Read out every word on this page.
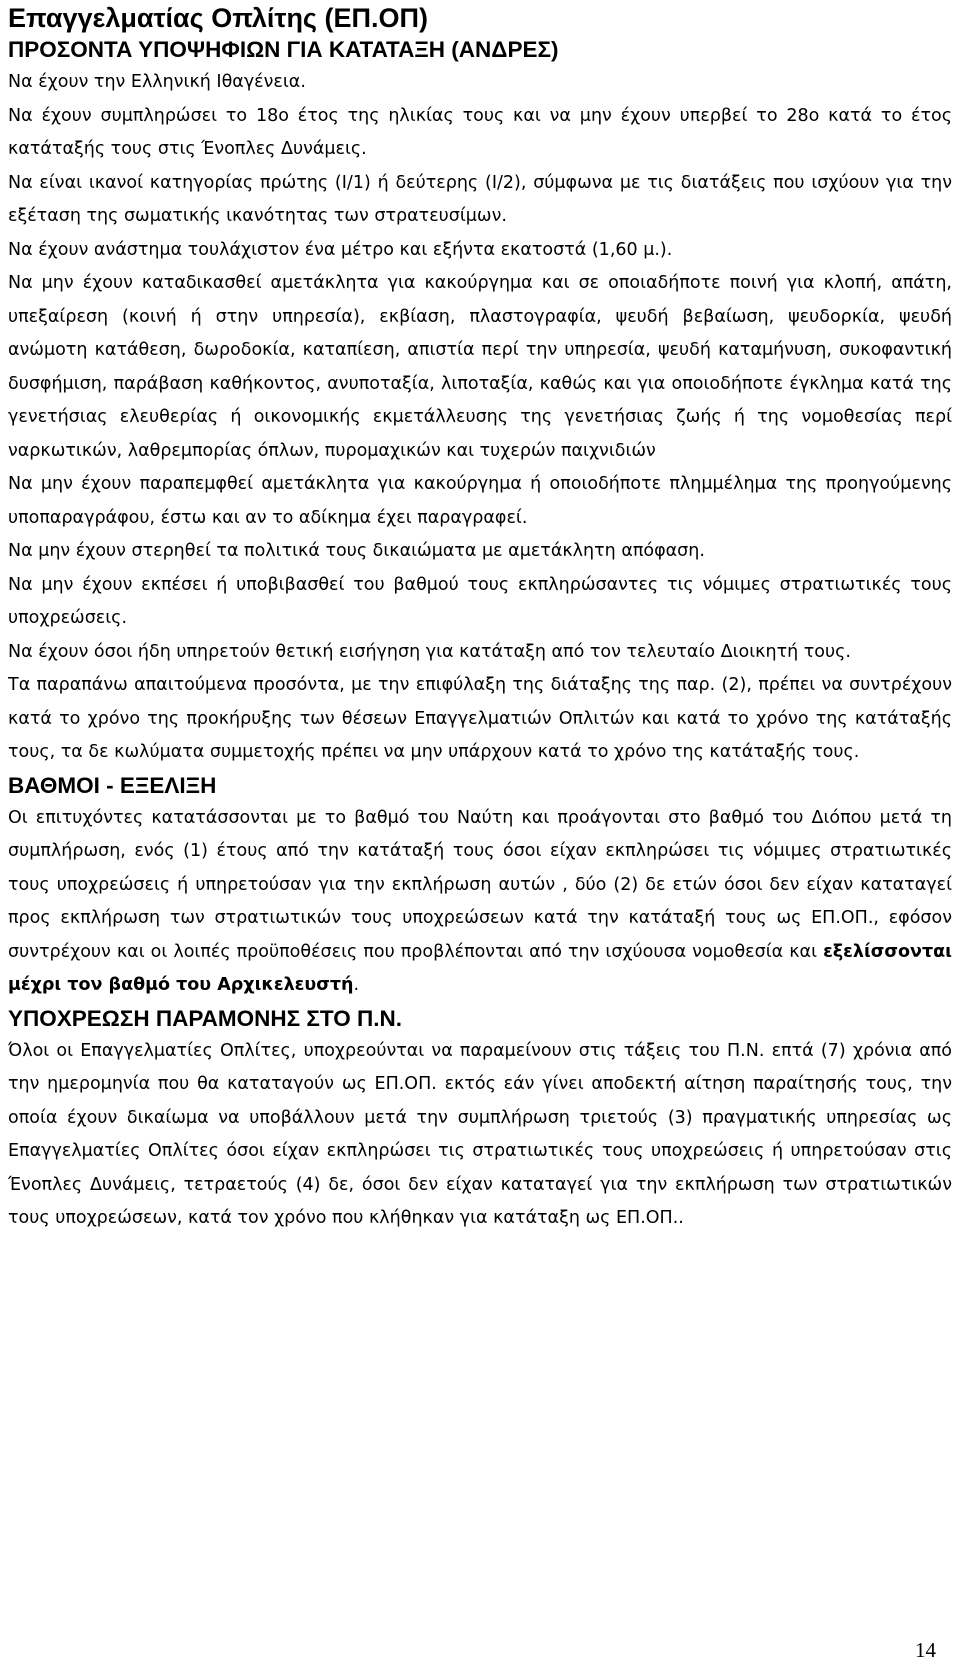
Επαγγελματίας Οπλίτης (ΕΠ.ΟΠ)
ΠΡΟΣΟΝΤΑ ΥΠΟΨΗΦΙΩΝ ΓΙΑ ΚΑΤΑΤΑΞΗ (ΑΝΔΡΕΣ)

Να έχουν την Ελληνική Ιθαγένεια.

Να έχουν συμπληρώσει το 18ο έτος της ηλικίας τους και να μην έχουν υπερβεί το 28ο κατά το έτος κατάταξής τους στις Ένοπλες Δυνάμεις.

Να είναι ικανοί κατηγορίας πρώτης (Ι/1) ή δεύτερης (Ι/2), σύμφωνα με τις διατάξεις που ισχύουν για την εξέταση της σωματικής ικανότητας των στρατευσίμων.

Να έχουν ανάστημα τουλάχιστον ένα μέτρο και εξήντα εκατοστά (1,60 μ.).

Να μην έχουν καταδικασθεί αμετάκλητα για κακούργημα και σε οποιαδήποτε ποινή για κλοπή, απάτη, υπεξαίρεση (κοινή ή στην υπηρεσία), εκβίαση, πλαστογραφία, ψευδή βεβαίωση, ψευδορκία, ψευδή ανώμοτη κατάθεση, δωροδοκία, καταπίεση, απιστία περί την υπηρεσία, ψευδή καταμήνυση, συκοφαντική δυσφήμιση, παράβαση καθήκοντος, ανυποταξία, λιποταξία, καθώς και για οποιοδήποτε έγκλημα κατά της γενετήσιας ελευθερίας ή οικονομικής εκμετάλλευσης της γενετήσιας ζωής ή της νομοθεσίας περί ναρκωτικών, λαθρεμπορίας όπλων, πυρομαχικών και τυχερών παιχνιδιών

Να μην έχουν παραπεμφθεί αμετάκλητα για κακούργημα ή οποιοδήποτε πλημμέλημα της προηγούμενης υποπαραγράφου, έστω και αν το αδίκημα έχει παραγραφεί.

Να μην έχουν στερηθεί τα πολιτικά τους δικαιώματα με αμετάκλητη απόφαση.

Να μην έχουν εκπέσει ή υποβιβασθεί του βαθμού τους εκπληρώσαντες τις νόμιμες στρατιωτικές τους υποχρεώσεις.

Να έχουν όσοι ήδη υπηρετούν θετική εισήγηση για κατάταξη από τον τελευταίο Διοικητή τους.

Τα παραπάνω απαιτούμενα προσόντα, με την επιφύλαξη της διάταξης της παρ. (2), πρέπει να συντρέχουν κατά το χρόνο της προκήρυξης των θέσεων Επαγγελματιών Οπλιτών και κατά το χρόνο της κατάταξής τους, τα δε κωλύματα συμμετοχής πρέπει να μην υπάρχουν κατά το χρόνο της κατάταξής τους.

ΒΑΘΜΟΙ - ΕΞΕΛΙΞΗ

Οι επιτυχόντες κατατάσσονται με το βαθμό του Ναύτη και προάγονται στο βαθμό του Διόπου μετά τη συμπλήρωση, ενός (1) έτους από την κατάταξή τους όσοι είχαν εκπληρώσει τις νόμιμες στρατιωτικές τους υποχρεώσεις ή υπηρετούσαν για την εκπλήρωση αυτών , δύο (2) δε ετών όσοι δεν είχαν καταταγεί προς εκπλήρωση των στρατιωτικών τους υποχρεώσεων κατά την κατάταξή τους ως ΕΠ.ΟΠ., εφόσον συντρέχουν και οι λοιπές προϋποθέσεις που προβλέπονται από την ισχύουσα νομοθεσία και εξελίσσονται μέχρι τον βαθμό του Αρχικελευστή.

ΥΠΟΧΡΕΩΣΗ ΠΑΡΑΜΟΝΗΣ ΣΤΟ Π.Ν.

Όλοι οι Επαγγελματίες Οπλίτες, υποχρεούνται να παραμείνουν στις τάξεις του Π.Ν. επτά (7) χρόνια από την ημερομηνία που θα καταταγούν ως ΕΠ.ΟΠ. εκτός εάν γίνει αποδεκτή αίτηση παραίτησής τους, την οποία έχουν δικαίωμα να υποβάλλουν μετά την συμπλήρωση τριετούς (3) πραγματικής υπηρεσίας ως Επαγγελματίες Οπλίτες όσοι είχαν εκπληρώσει τις στρατιωτικές τους υποχρεώσεις ή υπηρετούσαν στις Ένοπλες Δυνάμεις, τετραετούς (4) δε, όσοι δεν είχαν καταταγεί για την εκπλήρωση των στρατιωτικών τους υποχρεώσεων, κατά τον χρόνο που κλήθηκαν για κατάταξη ως ΕΠ.ΟΠ..

14
